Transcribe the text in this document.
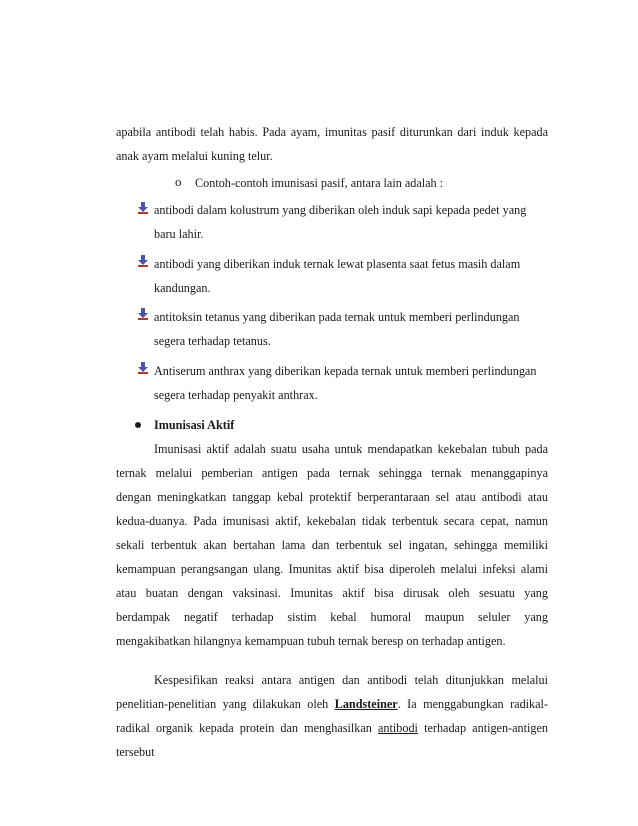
apabila antibodi telah habis. Pada ayam, imunitas pasif diturunkan dari induk kepada
anak ayam melalui kuning telur.
o Contoh-contoh imunisasi pasif, antara lain adalah :
antibodi dalam kolustrum yang diberikan oleh induk sapi kepada pedet yang
baru lahir.
antibodi yang diberikan induk ternak lewat plasenta saat fetus masih dalam
kandungan.
antitoksin tetanus yang diberikan pada ternak untuk memberi perlindungan
segera terhadap tetanus.
Antiserum anthrax yang diberikan kepada ternak untuk memberi perlindungan
segera terhadap penyakit anthrax.
Imunisasi Aktif
Imunisasi aktif adalah suatu usaha untuk mendapatkan kekebalan tubuh pada
ternak melalui pemberian antigen pada ternak sehingga ternak menanggapinya
dengan meningkatkan tanggap kebal protektif berperantaraan sel atau antibodi atau
kedua-duanya. Pada imunisasi aktif, kekebalan tidak terbentuk secara cepat, namun
sekali terbentuk akan bertahan lama dan terbentuk sel ingatan, sehingga memiliki
kemampuan perangsangan ulang. Imunitas aktif bisa diperoleh melalui infeksi alami
atau buatan dengan vaksinasi. Imunitas aktif bisa dirusak oleh sesuatu yang
berdampak negatif terhadap sistim kebal humoral maupun seluler yang
mengakibatkan hilangnya kemampuan tubuh ternak beresp on terhadap antigen.
Kespesifikan reaksi antara antigen dan antibodi telah ditunjukkan melalui
penelitian-penelitian yang dilakukan oleh Landsteiner. Ia menggabungkan radikal-
radikal organik kepada protein dan menghasilkan antibodi terhadap antigen-antigen
tersebut
